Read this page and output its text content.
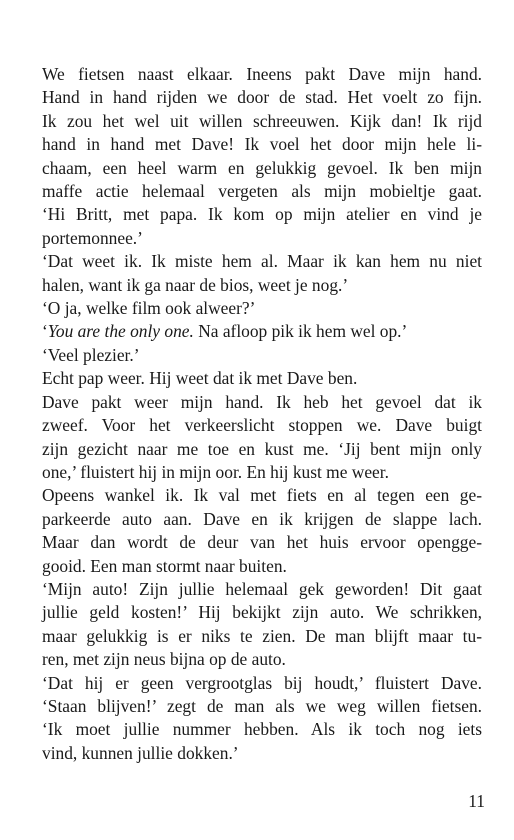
We fietsen naast elkaar. Ineens pakt Dave mijn hand.
Hand in hand rijden we door de stad. Het voelt zo fijn.
Ik zou het wel uit willen schreeuwen. Kijk dan! Ik rijd
hand in hand met Dave! Ik voel het door mijn hele li-
chaam, een heel warm en gelukkig gevoel. Ik ben mijn
maffe actie helemaal vergeten als mijn mobieltje gaat.
‘Hi Britt, met papa. Ik kom op mijn atelier en vind je
portemonnee.’
‘Dat weet ik. Ik miste hem al. Maar ik kan hem nu niet
halen, want ik ga naar de bios, weet je nog.’
‘O ja, welke film ook alweer?’
‘You are the only one. Na afloop pik ik hem wel op.’
‘Veel plezier.’
Echt pap weer. Hij weet dat ik met Dave ben.
Dave pakt weer mijn hand. Ik heb het gevoel dat ik
zweef. Voor het verkeerslicht stoppen we. Dave buigt
zijn gezicht naar me toe en kust me. ‘Jij bent mijn only
one,’ fluistert hij in mijn oor. En hij kust me weer.
Opeens wankel ik. Ik val met fiets en al tegen een ge-
parkeerde auto aan. Dave en ik krijgen de slappe lach.
Maar dan wordt de deur van het huis ervoor opengge-
gooid. Een man stormt naar buiten.
‘Mijn auto! Zijn jullie helemaal gek geworden! Dit gaat
jullie geld kosten!’ Hij bekijkt zijn auto. We schrikken,
maar gelukkig is er niks te zien. De man blijft maar tu-
ren, met zijn neus bijna op de auto.
‘Dat hij er geen vergrootglas bij houdt,’ fluistert Dave.
‘Staan blijven!’ zegt de man als we weg willen fietsen.
‘Ik moet jullie nummer hebben. Als ik toch nog iets
vind, kunnen jullie dokken.’
11
